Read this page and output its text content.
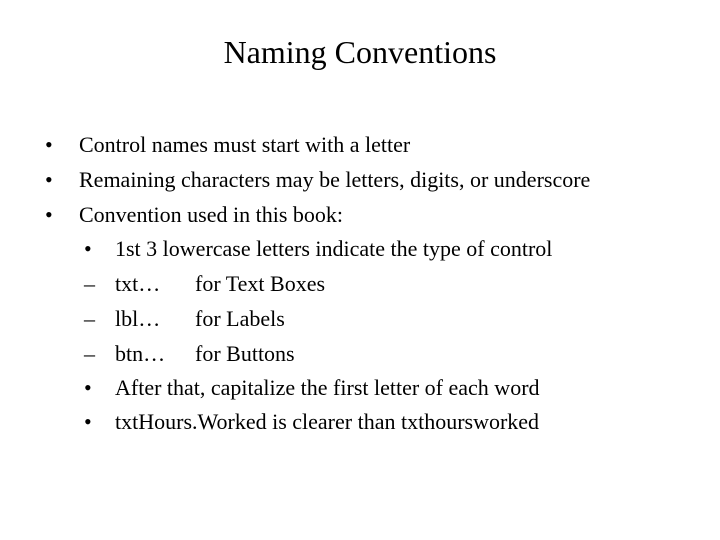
Naming Conventions
• Control names must start with a letter
• Remaining characters may be letters, digits, or underscore
• Convention used in this book:
• 1st 3 lowercase letters indicate the type of control
– txt… for Text Boxes
– lbl… for Labels
– btn… for Buttons
• After that, capitalize the first letter of each word
• txtHours.Worked is clearer than txthoursworked
